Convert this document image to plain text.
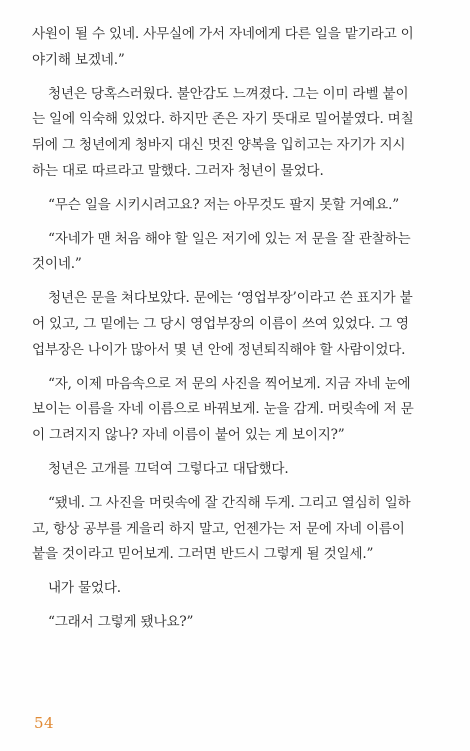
사원이 될 수 있네. 사무실에 가서 자네에게 다른 일을 맡기라고 이
야기해 보겠네.”
청년은 당혹스러웠다. 불안감도 느껴졌다. 그는 이미 라벨 붙이
는 일에 익숙해 있었다. 하지만 존은 자기 뜻대로 밀어붙였다. 며칠
뒤에 그 청년에게 청바지 대신 멋진 양복을 입히고는 자기가 지시
하는 대로 따르라고 말했다. 그러자 청년이 물었다.
“무슨 일을 시키시려고요? 저는 아무것도 팔지 못할 거예요.”
“자네가 맨 처음 해야 할 일은 저기에 있는 저 문을 잘 관찰하는
것이네.”
청년은 문을 쳐다보았다. 문에는 ‘영업부장’이라고 쓴 표지가 붙
어 있고, 그 밑에는 그 당시 영업부장의 이름이 쓰여 있었다. 그 영
업부장은 나이가 많아서 몇 년 안에 정년퇴직해야 할 사람이었다.
“자, 이제 마음속으로 저 문의 사진을 찍어보게. 지금 자네 눈에
보이는 이름을 자네 이름으로 바꿔보게. 눈을 감게. 머릿속에 저 문
이 그려지지 않나? 자네 이름이 붙어 있는 게 보이지?”
청년은 고개를 끄덕여 그렇다고 대답했다.
“됐네. 그 사진을 머릿속에 잘 간직해 두게. 그리고 열심히 일하
고, 항상 공부를 게을리 하지 말고, 언젠가는 저 문에 자네 이름이
붙을 것이라고 믿어보게. 그러면 반드시 그렇게 될 것일세.”
내가 물었다.
“그래서 그렇게 됐나요?”
54
